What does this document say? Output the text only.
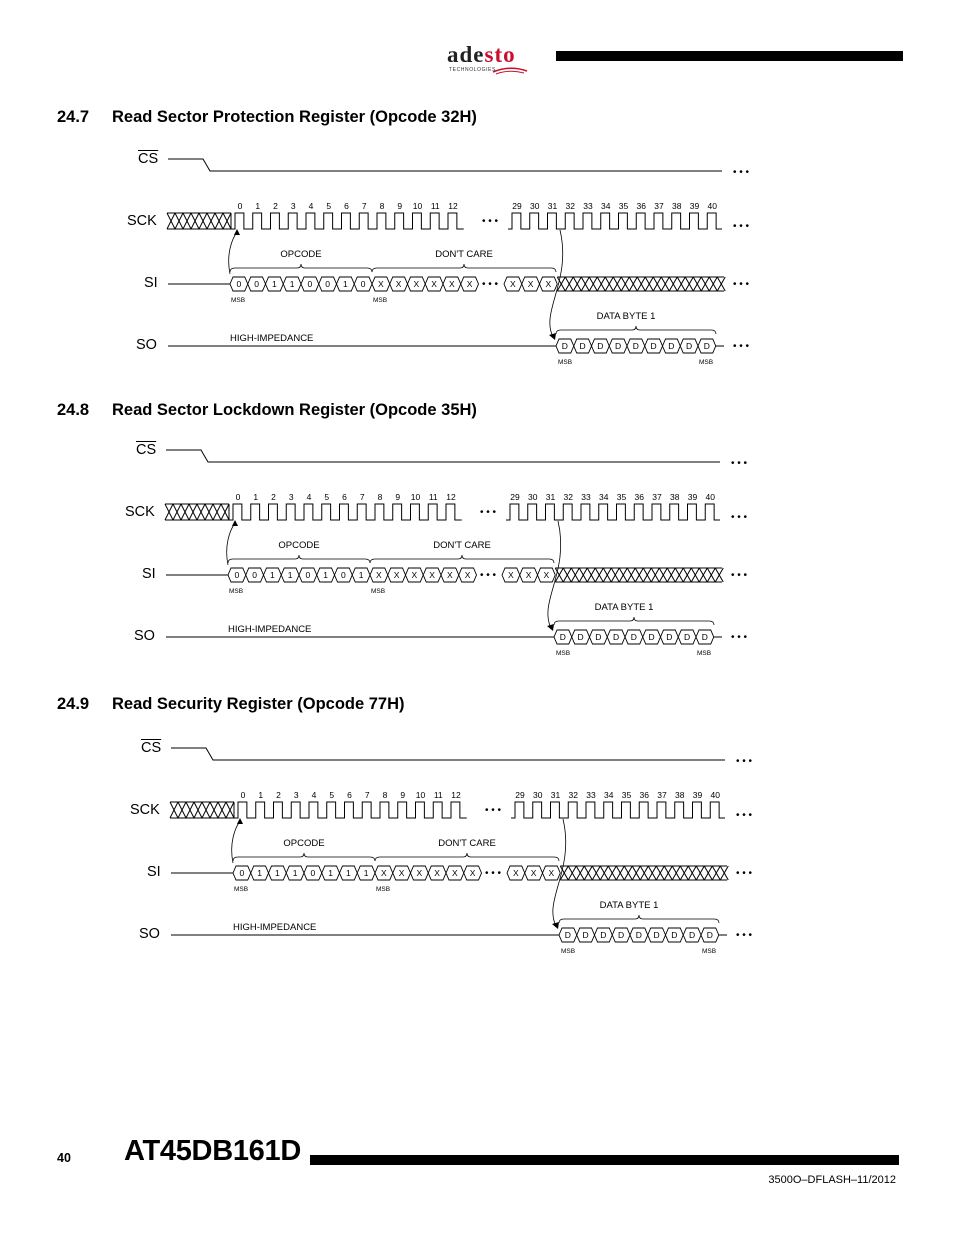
adesto
TECHNOLOGIES
24.7 Read Sector Protection Register (Opcode 32H)
$\overline{CS}$
SCK
SI
SO
• • •
• • •	• • •
0 1 2 3 4 5 6 7 8 9 10 11 12	29 30 31 32 33 34 35 36 37 38 39 40
0 0 1 1 0 0 1 0 X X X X X X • • • X X X	• • •
MSB	MSB
OPCODE	DON'T CARE
HIGH-IMPEDANCE
D D D D D D D D D • • •
MSB	MSB
DATA BYTE 1
24.8 Read Sector Lockdown Register (Opcode 35H)
$\overline{CS}$
SCK
SI
SO
• • •
• • •	• • •
0 1 2 3 4 5 6 7 8 9 10 11 12	29 30 31 32 33 34 35 36 37 38 39 40
0 0 1 1 0 1 0 1 X X X X X X • • • X X X	• • •
MSB	MSB
OPCODE	DON'T CARE
HIGH-IMPEDANCE
D D D D D D D D D • • •
MSB	MSB
DATA BYTE 1
24.9 Read Security Register (Opcode 77H)
$\overline{CS}$
SCK
SI
SO
• • •
• • •	• • •
0 1 2 3 4 5 6 7 8 9 10 11 12	29 30 31 32 33 34 35 36 37 38 39 40
0 1 1 1 0 1 1 1 X X X X X X • • • X X X	• • •
MSB	MSB
OPCODE	DON'T CARE
HIGH-IMPEDANCE
D D D D D D D D D • • •
MSB	MSB
DATA BYTE 1
40 AT45DB161D
3500O–DFLASH–11/2012
